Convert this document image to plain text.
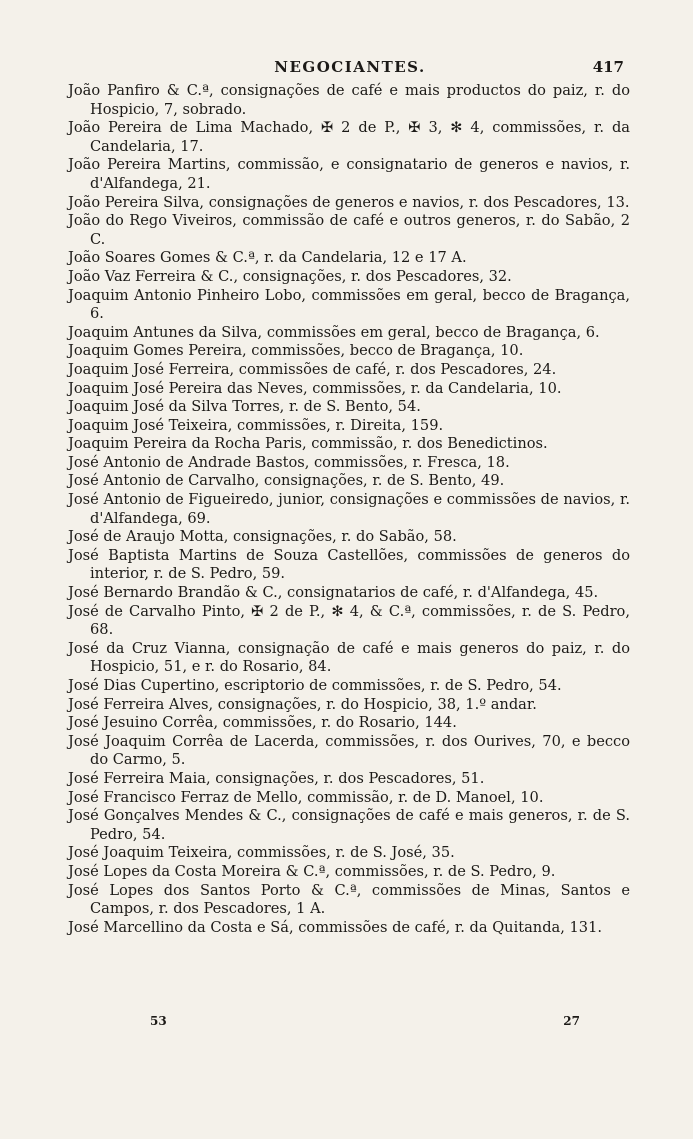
NEGOCIANTES.	417

João Panfiro & C.ª, consignações de café e mais productos do paiz, r. do Hospicio, 7, sobrado.

João Pereira de Lima Machado, ✠ 2 de P., ✠ 3, ✻ 4, commissões, r. da Candelaria, 17.

João Pereira Martins, commissão, e consignatario de generos e navios, r. d'Alfandega, 21.

João Pereira Silva, consignações de generos e navios, r. dos Pescadores, 13.

João do Rego Viveiros, commissão de café e outros generos, r. do Sabão, 2 C.

João Soares Gomes & C.ª, r. da Candelaria, 12 e 17 A.

João Vaz Ferreira & C., consignações, r. dos Pescadores, 32.

Joaquim Antonio Pinheiro Lobo, commissões em geral, becco de Bragança, 6.

Joaquim Antunes da Silva, commissões em geral, becco de Bragança, 6.

Joaquim Gomes Pereira, commissões, becco de Bragança, 10.

Joaquim José Ferreira, commissões de café, r. dos Pescadores, 24.

Joaquim José Pereira das Neves, commissões, r. da Candelaria, 10.

Joaquim José da Silva Torres, r. de S. Bento, 54.

Joaquim José Teixeira, commissões, r. Direita, 159.

Joaquim Pereira da Rocha Paris, commissão, r. dos Benedictinos.

José Antonio de Andrade Bastos, commissões, r. Fresca, 18.

José Antonio de Carvalho, consignações, r. de S. Bento, 49.

José Antonio de Figueiredo, junior, consignações e commissões de navios, r. d'Alfandega, 69.

José de Araujo Motta, consignações, r. do Sabão, 58.

José Baptista Martins de Souza Castellões, commissões de generos do interior, r. de S. Pedro, 59.

José Bernardo Brandão & C., consignatarios de café, r. d'Alfandega, 45.

José de Carvalho Pinto, ✠ 2 de P., ✻ 4, & C.ª, commissões, r. de S. Pedro, 68.

José da Cruz Vianna, consignação de café e mais generos do paiz, r. do Hospicio, 51, e r. do Rosario, 84.

José Dias Cupertino, escriptorio de commissões, r. de S. Pedro, 54.

José Ferreira Alves, consignações, r. do Hospicio, 38, 1.º andar.

José Jesuino Corrêa, commissões, r. do Rosario, 144.

José Joaquim Corrêa de Lacerda, commissões, r. dos Ourives, 70, e becco do Carmo, 5.

José Ferreira Maia, consignações, r. dos Pescadores, 51.

José Francisco Ferraz de Mello, commissão, r. de D. Manoel, 10.

José Gonçalves Mendes & C., consignações de café e mais generos, r. de S. Pedro, 54.

José Joaquim Teixeira, commissões, r. de S. José, 35.

José Lopes da Costa Moreira & C.ª, commissões, r. de S. Pedro, 9.

José Lopes dos Santos Porto & C.ª, commissões de Minas, Santos e Campos, r. dos Pescadores, 1 A.

José Marcellino da Costa e Sá, commissões de café, r. da Quitanda, 131.

53	27
